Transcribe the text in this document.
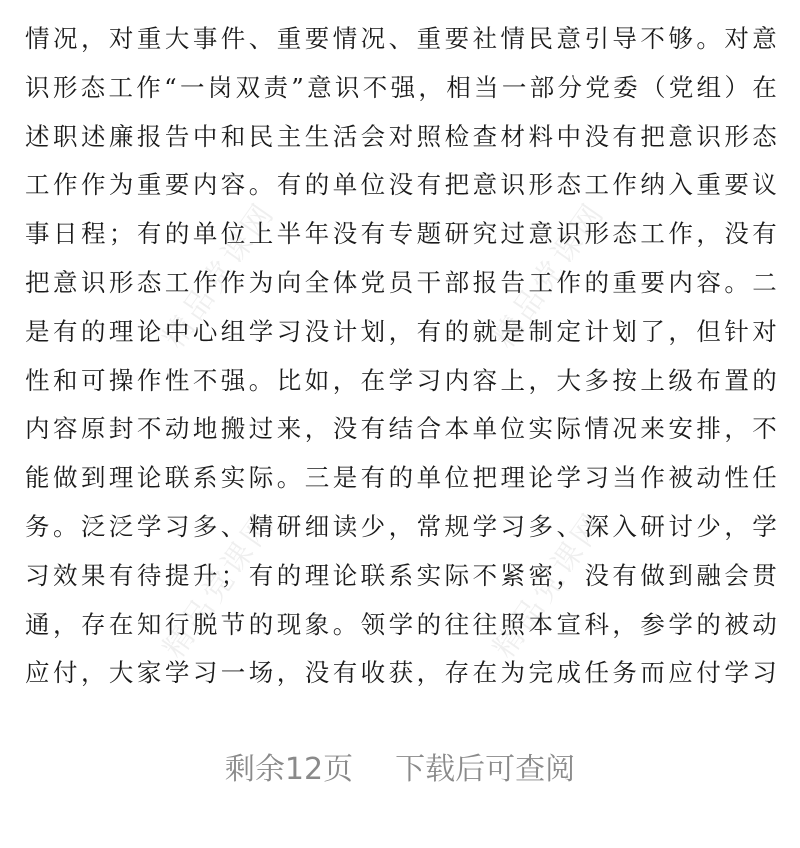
精品党课网	精品党课网
精品党课网	精品党课网
情况，对重大事件、重要情况、重要社情民意引导不够。对意
识形态工作“一岗双责”意识不强，相当一部分党委（党组）在
述职述廉报告中和民主生活会对照检查材料中没有把意识形态
工作作为重要内容。有的单位没有把意识形态工作纳入重要议
事日程；有的单位上半年没有专题研究过意识形态工作，没有
把意识形态工作作为向全体党员干部报告工作的重要内容。二
是有的理论中心组学习没计划，有的就是制定计划了，但针对
性和可操作性不强。比如，在学习内容上，大多按上级布置的
内容原封不动地搬过来，没有结合本单位实际情况来安排，不
能做到理论联系实际。三是有的单位把理论学习当作被动性任
务。泛泛学习多、精研细读少，常规学习多、深入研讨少，学
习效果有待提升；有的理论联系实际不紧密，没有做到融会贯
通，存在知行脱节的现象。领学的往往照本宣科，参学的被动
应付，大家学习一场，没有收获，存在为完成任务而应付学习
剩余12页 下载后可查阅
